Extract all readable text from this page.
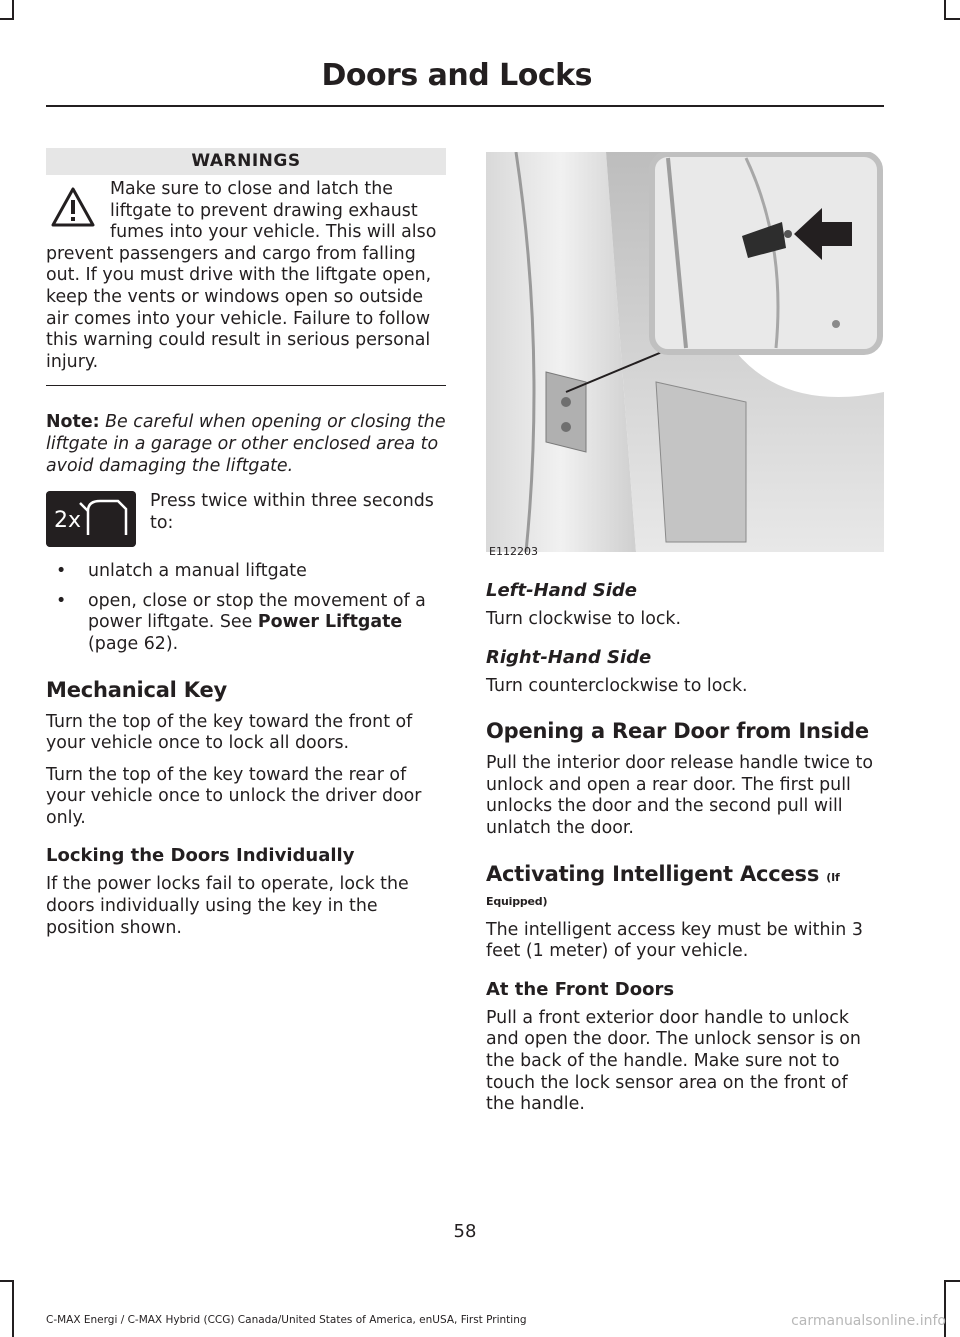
Doors and Locks
WARNINGS

Make sure to close and latch the liftgate to prevent drawing exhaust fumes into your vehicle. This will also prevent passengers and cargo from falling out. If you must drive with the liftgate open, keep the vents or windows open so outside air comes into your vehicle. Failure to follow this warning could result in serious personal injury.

Note: Be careful when opening or closing the liftgate in a garage or other enclosed area to avoid damaging the liftgate.

2x

Press twice within three seconds to:

• unlatch a manual liftgate
• open, close or stop the movement of a power liftgate. See Power Liftgate (page 62).
Mechanical Key

Turn the top of the key toward the front of your vehicle once to lock all doors.

Turn the top of the key toward the rear of your vehicle once to unlock the driver door only.

Locking the Doors Individually

If the power locks fail to operate, lock the doors individually using the key in the position shown.

E112203
Left-Hand Side

Turn clockwise to lock.

Right-Hand Side

Turn counterclockwise to lock.

Opening a Rear Door from Inside

Pull the interior door release handle twice to unlock and open a rear door. The first pull unlocks the door and the second pull will unlatch the door.

Activating Intelligent Access (If Equipped)

The intelligent access key must be within 3 feet (1 meter) of your vehicle.

At the Front Doors

Pull a front exterior door handle to unlock and open the door. The unlock sensor is on the back of the handle. Make sure not to touch the lock sensor area on the front of the handle.

58
C-MAX Energi / C-MAX Hybrid (CCG) Canada/United States of America, enUSA, First Printing	carmanualsonline.info
